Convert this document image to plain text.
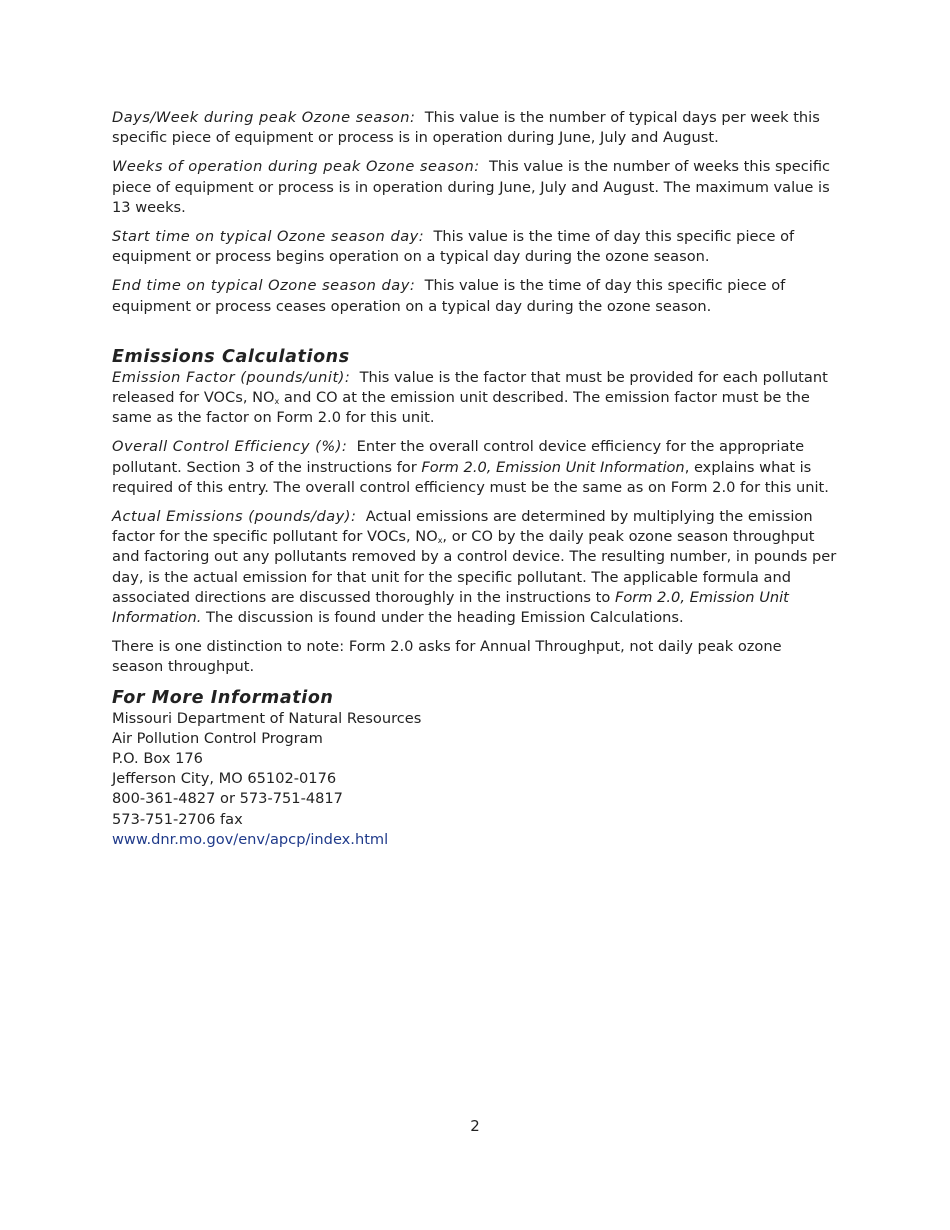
Days/Week during peak Ozone season: This value is the number of typical days per week this specific piece of equipment or process is in operation during June, July and August.

Weeks of operation during peak Ozone season: This value is the number of weeks this specific piece of equipment or process is in operation during June, July and August. The maximum value is 13 weeks.

Start time on typical Ozone season day: This value is the time of day this specific piece of equipment or process begins operation on a typical day during the ozone season.

End time on typical Ozone season day: This value is the time of day this specific piece of equipment or process ceases operation on a typical day during the ozone season.

Emissions Calculations

Emission Factor (pounds/unit): This value is the factor that must be provided for each pollutant released for VOCs, $NO_x$ and CO at the emission unit described. The emission factor must be the same as the factor on Form 2.0 for this unit.

Overall Control Efficiency (%): Enter the overall control device efficiency for the appropriate pollutant. Section 3 of the instructions for Form 2.0, Emission Unit Information, explains what is required of this entry. The overall control efficiency must be the same as on Form 2.0 for this unit.

Actual Emissions (pounds/day): Actual emissions are determined by multiplying the emission factor for the specific pollutant for VOCs, $NO_x$, or CO by the daily peak ozone season throughput and factoring out any pollutants removed by a control device. The resulting number, in pounds per day, is the actual emission for that unit for the specific pollutant. The applicable formula and associated directions are discussed thoroughly in the instructions to Form 2.0, Emission Unit Information. The discussion is found under the heading Emission Calculations.

There is one distinction to note: Form 2.0 asks for Annual Throughput, not daily peak ozone season throughput.

For More Information
Missouri Department of Natural Resources
Air Pollution Control Program
P.O. Box 176
Jefferson City, MO 65102-0176
800-361-4827 or 573-751-4817
573-751-2706 fax
www.dnr.mo.gov/env/apcp/index.html
2
